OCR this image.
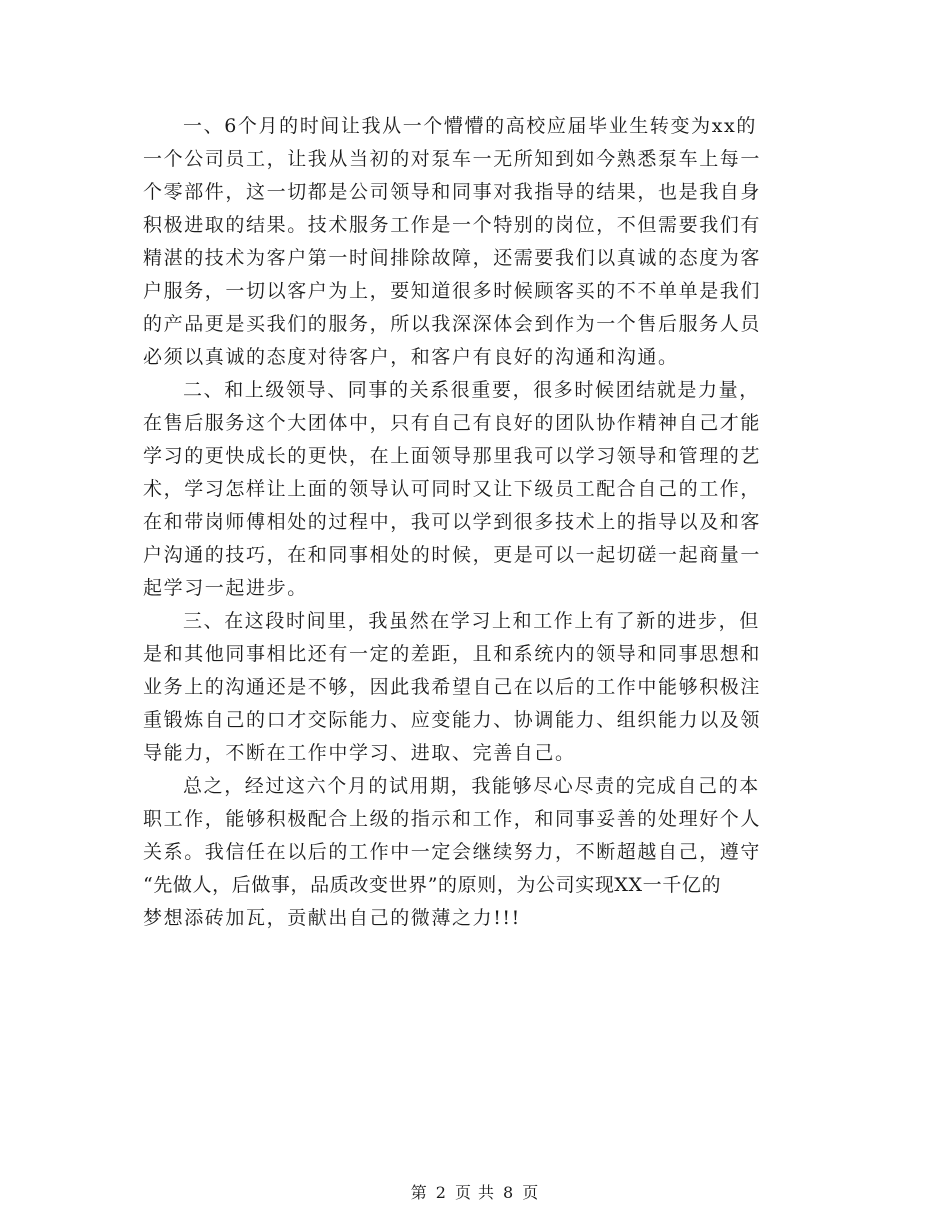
一、6个月的时间让我从一个懵懵的高校应届毕业生转变为xx的
一个公司员工，让我从当初的对泵车一无所知到如今熟悉泵车上每一
个零部件，这一切都是公司领导和同事对我指导的结果，也是我自身
积极进取的结果。技术服务工作是一个特别的岗位，不但需要我们有
精湛的技术为客户第一时间排除故障，还需要我们以真诚的态度为客
户服务，一切以客户为上，要知道很多时候顾客买的不不单单是我们
的产品更是买我们的服务，所以我深深体会到作为一个售后服务人员
必须以真诚的态度对待客户，和客户有良好的沟通和沟通。
二、和上级领导、同事的关系很重要，很多时候团结就是力量，
在售后服务这个大团体中，只有自己有良好的团队协作精神自己才能
学习的更快成长的更快，在上面领导那里我可以学习领导和管理的艺
术，学习怎样让上面的领导认可同时又让下级员工配合自己的工作，
在和带岗师傅相处的过程中，我可以学到很多技术上的指导以及和客
户沟通的技巧，在和同事相处的时候，更是可以一起切磋一起商量一
起学习一起进步。
三、在这段时间里，我虽然在学习上和工作上有了新的进步，但
是和其他同事相比还有一定的差距，且和系统内的领导和同事思想和
业务上的沟通还是不够，因此我希望自己在以后的工作中能够积极注
重锻炼自己的口才交际能力、应变能力、协调能力、组织能力以及领
导能力，不断在工作中学习、进取、完善自己。
总之，经过这六个月的试用期，我能够尽心尽责的完成自己的本
职工作，能够积极配合上级的指示和工作，和同事妥善的处理好个人
关系。我信任在以后的工作中一定会继续努力，不断超越自己，遵守
“先做人，后做事，品质改变世界”的原则，为公司实现XX一千亿的
梦想添砖加瓦，贡献出自己的微薄之力!!!
第 2 页 共 8 页
